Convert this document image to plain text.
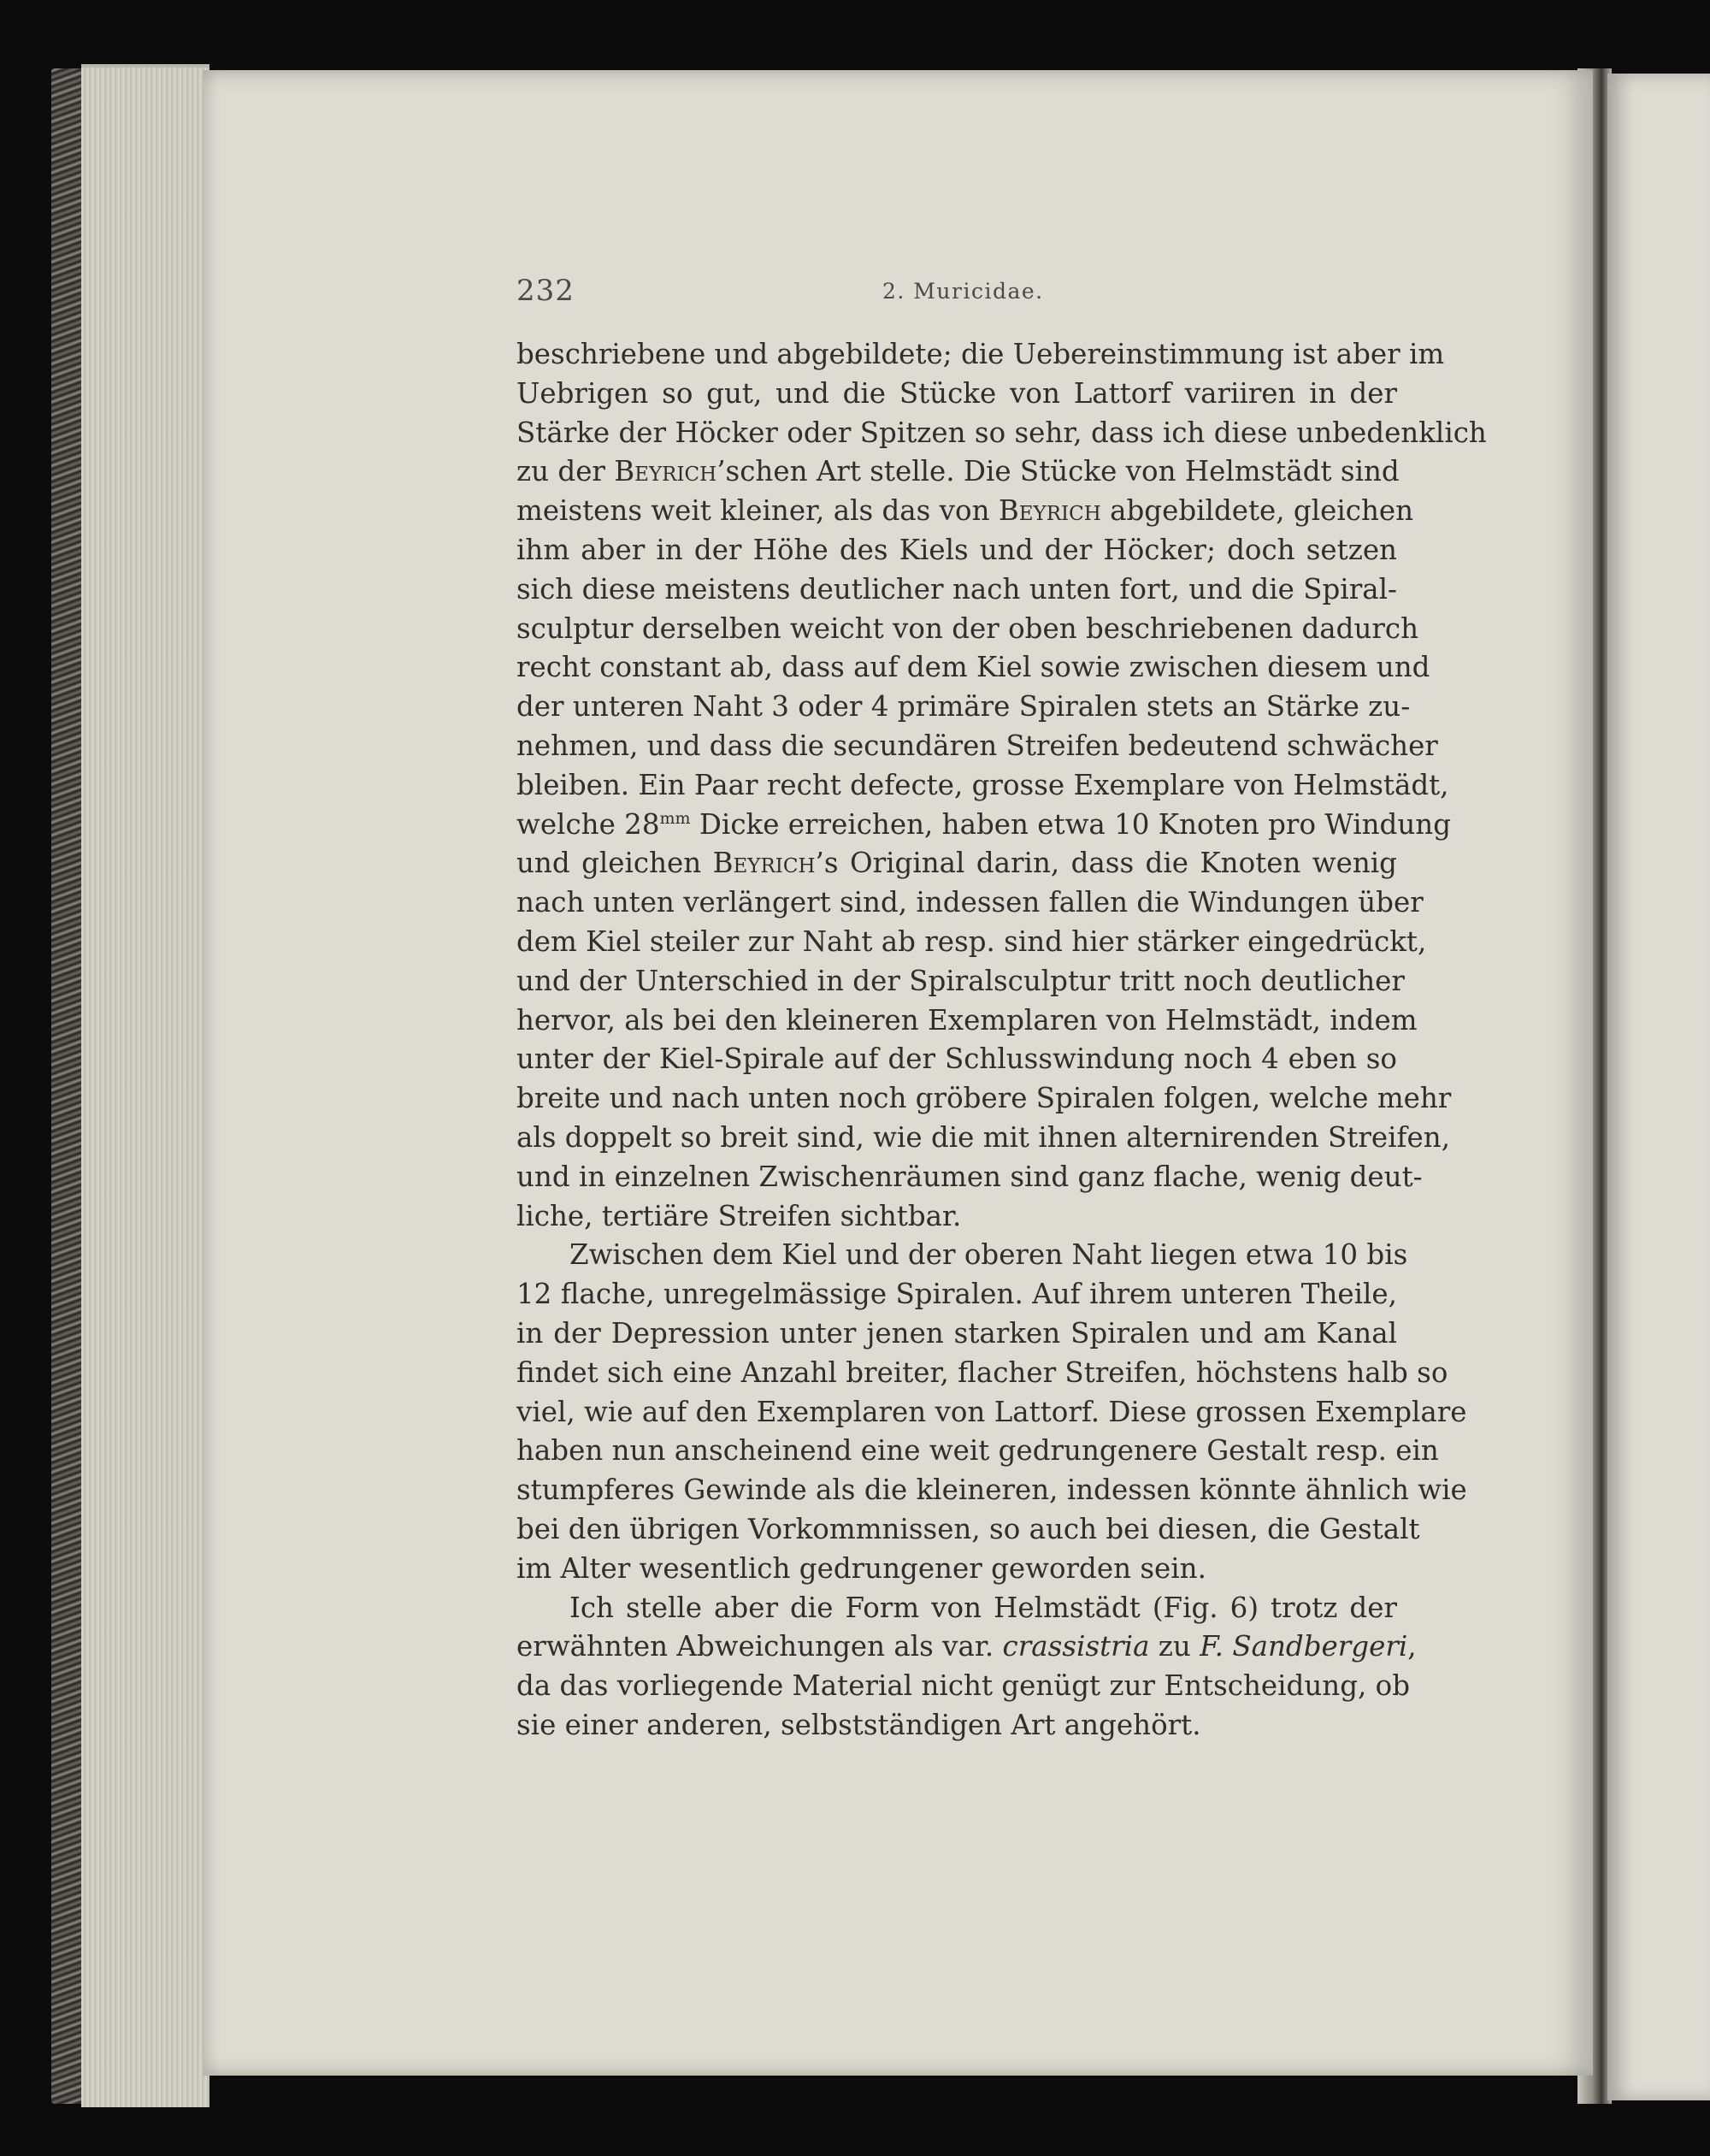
232	2. Muricidae.
beschriebene und abgebildete; die Uebereinstimmung ist aber im
Uebrigen so gut, und die Stücke von Lattorf variiren in der
Stärke der Höcker oder Spitzen so sehr, dass ich diese unbedenklich
zu der Beyrich’schen Art stelle. Die Stücke von Helmstädt sind
meistens weit kleiner, als das von Beyrich abgebildete, gleichen
ihm aber in der Höhe des Kiels und der Höcker; doch setzen
sich diese meistens deutlicher nach unten fort, und die Spiral-
sculptur derselben weicht von der oben beschriebenen dadurch
recht constant ab, dass auf dem Kiel sowie zwischen diesem und
der unteren Naht 3 oder 4 primäre Spiralen stets an Stärke zu-
nehmen, und dass die secundären Streifen bedeutend schwächer
bleiben. Ein Paar recht defecte, grosse Exemplare von Helmstädt,
welche $28^{mm}$ Dicke erreichen, haben etwa 10 Knoten pro Windung
und gleichen Beyrich’s Original darin, dass die Knoten wenig
nach unten verlängert sind, indessen fallen die Windungen über
dem Kiel steiler zur Naht ab resp. sind hier stärker eingedrückt,
und der Unterschied in der Spiralsculptur tritt noch deutlicher
hervor, als bei den kleineren Exemplaren von Helmstädt, indem
unter der Kiel-Spirale auf der Schlusswindung noch 4 eben so
breite und nach unten noch gröbere Spiralen folgen, welche mehr
als doppelt so breit sind, wie die mit ihnen alternirenden Streifen,
und in einzelnen Zwischenräumen sind ganz flache, wenig deut-
liche, tertiäre Streifen sichtbar.
Zwischen dem Kiel und der oberen Naht liegen etwa 10 bis
12 flache, unregelmässige Spiralen. Auf ihrem unteren Theile,
in der Depression unter jenen starken Spiralen und am Kanal
findet sich eine Anzahl breiter, flacher Streifen, höchstens halb so
viel, wie auf den Exemplaren von Lattorf. Diese grossen Exemplare
haben nun anscheinend eine weit gedrungenere Gestalt resp. ein
stumpferes Gewinde als die kleineren, indessen könnte ähnlich wie
bei den übrigen Vorkommnissen, so auch bei diesen, die Gestalt
im Alter wesentlich gedrungener geworden sein.
Ich stelle aber die Form von Helmstädt (Fig. 6) trotz der
erwähnten Abweichungen als var. crassistria zu F. Sandbergeri,
da das vorliegende Material nicht genügt zur Entscheidung, ob
sie einer anderen, selbstständigen Art angehört.
